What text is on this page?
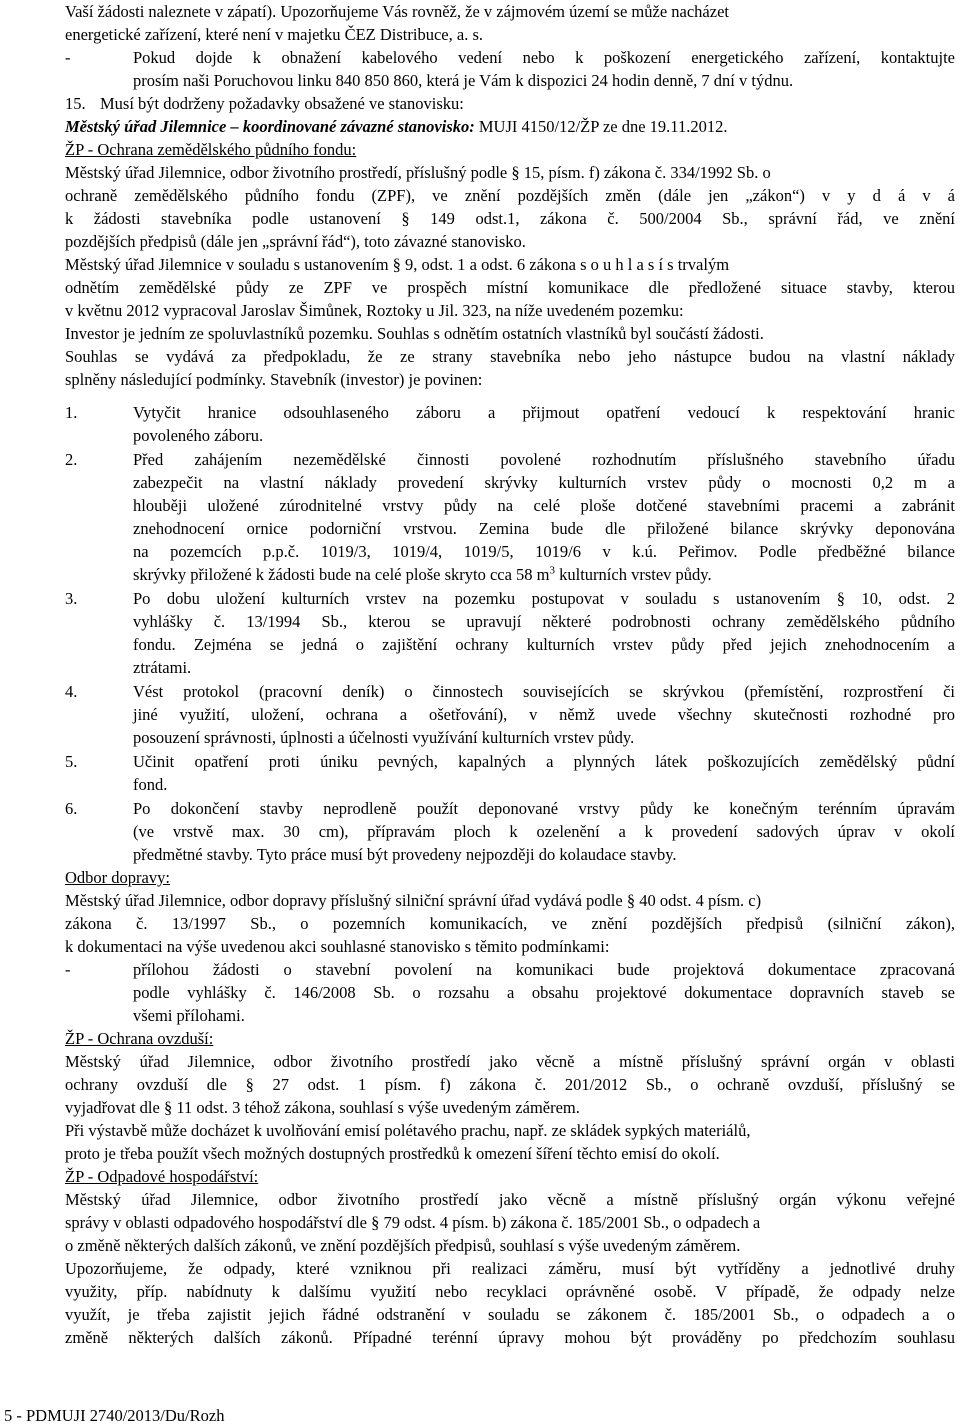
Vaší žádosti naleznete v zápatí). Upozorňujeme Vás rovněž, že v zájmovém území se může nacházet
energetické zařízení, které není v majetku ČEZ Distribuce, a. s.
-	Pokud dojde k obnažení kabelového vedení nebo k poškození energetického zařízení, kontaktujte
prosím naši Poruchovou linku 840 850 860, která je Vám k dispozici 24 hodin denně, 7 dní v týdnu.
15. Musí být dodrženy požadavky obsažené ve stanovisku:
Městský úřad Jilemnice – koordinované závazné stanovisko: MUJI 4150/12/ŽP ze dne 19.11.2012.
ŽP - Ochrana zemědělského půdního fondu:
Městský úřad Jilemnice, odbor životního prostředí, příslušný podle § 15, písm. f) zákona č. 334/1992 Sb. o
ochraně zemědělského půdního fondu (ZPF), ve znění pozdějších změn (dále jen „zákon“) v y d á v á
k žádosti stavebníka podle ustanovení § 149 odst.1, zákona č. 500/2004 Sb., správní řád, ve znění
pozdějších předpisů (dále jen „správní řád“), toto závazné stanovisko.
Městský úřad Jilemnice v souladu s ustanovením § 9, odst. 1 a odst. 6 zákona s o u h l a s í s trvalým
odnětím zemědělské půdy ze ZPF ve prospěch místní komunikace dle předložené situace stavby, kterou
v květnu 2012 vypracoval Jaroslav Šimůnek, Roztoky u Jil. 323, na níže uvedeném pozemku:
Investor je jedním ze spoluvlastníků pozemku. Souhlas s odnětím ostatních vlastníků byl součástí žádosti.
Souhlas se vydává za předpokladu, že ze strany stavebníka nebo jeho nástupce budou na vlastní náklady
splněny následující podmínky. Stavebník (investor) je povinen:
1.	Vytyčit hranice odsouhlaseného záboru a přijmout opatření vedoucí k respektování hranic
povoleného záboru.
2.	Před zahájením nezemědělské činnosti povolené rozhodnutím příslušného stavebního úřadu
zabezpečit na vlastní náklady provedení skrývky kulturních vrstev půdy o mocnosti 0,2 m a
hlouběji uložené zúrodnitelné vrstvy půdy na celé ploše dotčené stavebními pracemi a zabránit
znehodnocení ornice podorniční vrstvou. Zemina bude dle přiložené bilance skrývky deponována
na pozemcích p.p.č. 1019/3, 1019/4, 1019/5, 1019/6 v k.ú. Peřimov. Podle předběžné bilance
skrývky přiložené k žádosti bude na celé ploše skryto cca 58 $m^3$ kulturních vrstev půdy.
3.	Po dobu uložení kulturních vrstev na pozemku postupovat v souladu s ustanovením § 10, odst. 2
vyhlášky č. 13/1994 Sb., kterou se upravují některé podrobnosti ochrany zemědělského půdního
fondu. Zejména se jedná o zajištění ochrany kulturních vrstev půdy před jejich znehodnocením a
ztrátami.
4.	Vést protokol (pracovní deník) o činnostech souvisejících se skrývkou (přemístění, rozprostření či
jiné využití, uložení, ochrana a ošetřování), v němž uvede všechny skutečnosti rozhodné pro
posouzení správnosti, úplnosti a účelnosti využívání kulturních vrstev půdy.
5.	Učinit opatření proti úniku pevných, kapalných a plynných látek poškozujících zemědělský půdní
fond.
6.	Po dokončení stavby neprodleně použít deponované vrstvy půdy ke konečným terénním úpravám
(ve vrstvě max. 30 cm), přípravám ploch k ozelenění a k provedení sadových úprav v okolí
předmětné stavby. Tyto práce musí být provedeny nejpozději do kolaudace stavby.
Odbor dopravy:
Městský úřad Jilemnice, odbor dopravy příslušný silniční správní úřad vydává podle § 40 odst. 4 písm. c)
zákona č. 13/1997 Sb., o pozemních komunikacích, ve znění pozdějších předpisů (silniční zákon),
k dokumentaci na výše uvedenou akci souhlasné stanovisko s těmito podmínkami:
-	přílohou žádosti o stavební povolení na komunikaci bude projektová dokumentace zpracovaná
podle vyhlášky č. 146/2008 Sb. o rozsahu a obsahu projektové dokumentace dopravních staveb se
všemi přílohami.
ŽP - Ochrana ovzduší:
Městský úřad Jilemnice, odbor životního prostředí jako věcně a místně příslušný správní orgán v oblasti
ochrany ovzduší dle § 27 odst. 1 písm. f) zákona č. 201/2012 Sb., o ochraně ovzduší, příslušný se
vyjadřovat dle § 11 odst. 3 téhož zákona, souhlasí s výše uvedeným záměrem.
Při výstavbě může docházet k uvolňování emisí polétavého prachu, např. ze skládek sypkých materiálů,
proto je třeba použít všech možných dostupných prostředků k omezení šíření těchto emisí do okolí.
ŽP - Odpadové hospodářství:
Městský úřad Jilemnice, odbor životního prostředí jako věcně a místně příslušný orgán výkonu veřejné
správy v oblasti odpadového hospodářství dle § 79 odst. 4 písm. b) zákona č. 185/2001 Sb., o odpadech a
o změně některých dalších zákonů, ve znění pozdějších předpisů, souhlasí s výše uvedeným záměrem.
Upozorňujeme, že odpady, které vzniknou při realizaci záměru, musí být vytříděny a jednotlivé druhy
využity, příp. nabídnuty k dalšímu využití nebo recyklaci oprávněné osobě. V případě, že odpady nelze
využít, je třeba zajistit jejich řádné odstranění v souladu se zákonem č. 185/2001 Sb., o odpadech a o
změně některých dalších zákonů. Případné terénní úpravy mohou být prováděny po předchozím souhlasu
5 - PDMUJI 2740/2013/Du/Rozh
